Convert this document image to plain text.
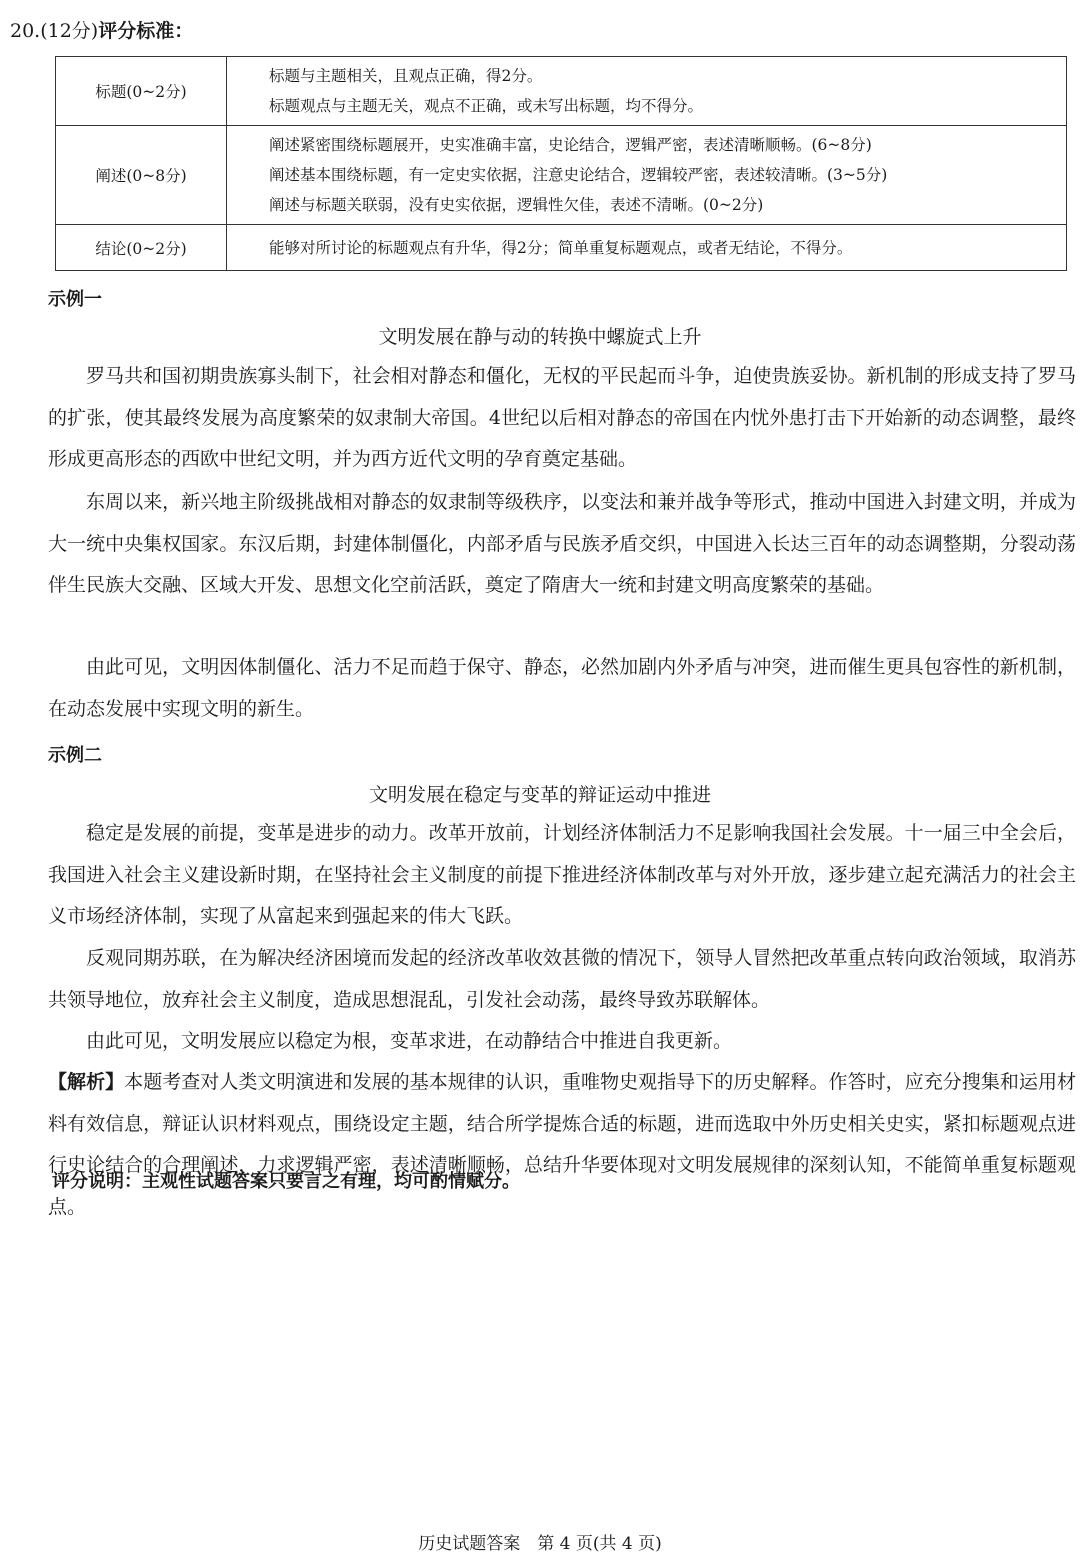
20.(12分)评分标准：
标题(0~2分)	标题与主题相关，且观点正确，得2分。
标题观点与主题无关，观点不正确，或未写出标题，均不得分。

阐述(0~8分)	阐述紧密围绕标题展开，史实准确丰富，史论结合，逻辑严密，表述清晰顺畅。(6~8分)
阐述基本围绕标题，有一定史实依据，注意史论结合，逻辑较严密，表述较清晰。(3~5分)
阐述与标题关联弱，没有史实依据，逻辑性欠佳，表述不清晰。(0~2分)

结论(0~2分)	能够对所讨论的标题观点有升华，得2分；简单重复标题观点，或者无结论，不得分。
示例一
文明发展在静与动的转换中螺旋式上升

罗马共和国初期贵族寡头制下，社会相对静态和僵化，无权的平民起而斗争，迫使贵族妥协。新机制的形成支持了罗马的扩张，使其最终发展为高度繁荣的奴隶制大帝国。4世纪以后相对静态的帝国在内忧外患打击下开始新的动态调整，最终形成更高形态的西欧中世纪文明，并为西方近代文明的孕育奠定基础。

东周以来，新兴地主阶级挑战相对静态的奴隶制等级秩序，以变法和兼并战争等形式，推动中国进入封建文明，并成为大一统中央集权国家。东汉后期，封建体制僵化，内部矛盾与民族矛盾交织，中国进入长达三百年的动态调整期，分裂动荡伴生民族大交融、区域大开发、思想文化空前活跃，奠定了隋唐大一统和封建文明高度繁荣的基础。

由此可见，文明因体制僵化、活力不足而趋于保守、静态，必然加剧内外矛盾与冲突，进而催生更具包容性的新机制，在动态发展中实现文明的新生。

示例二
文明发展在稳定与变革的辩证运动中推进

稳定是发展的前提，变革是进步的动力。改革开放前，计划经济体制活力不足影响我国社会发展。十一届三中全会后，我国进入社会主义建设新时期，在坚持社会主义制度的前提下推进经济体制改革与对外开放，逐步建立起充满活力的社会主义市场经济体制，实现了从富起来到强起来的伟大飞跃。

反观同期苏联，在为解决经济困境而发起的经济改革收效甚微的情况下，领导人冒然把改革重点转向政治领域，取消苏共领导地位，放弃社会主义制度，造成思想混乱，引发社会动荡，最终导致苏联解体。

由此可见，文明发展应以稳定为根，变革求进，在动静结合中推进自我更新。

【解析】本题考查对人类文明演进和发展的基本规律的认识，重唯物史观指导下的历史解释。作答时，应充分搜集和运用材料有效信息，辩证认识材料观点，围绕设定主题，结合所学提炼合适的标题，进而选取中外历史相关史实，紧扣标题观点进行史论结合的合理阐述，力求逻辑严密，表述清晰顺畅，总结升华要体现对文明发展规律的深刻认知，不能简单重复标题观点。

评分说明：主观性试题答案只要言之有理，均可酌情赋分。
历史试题答案　第 4 页(共 4 页)
